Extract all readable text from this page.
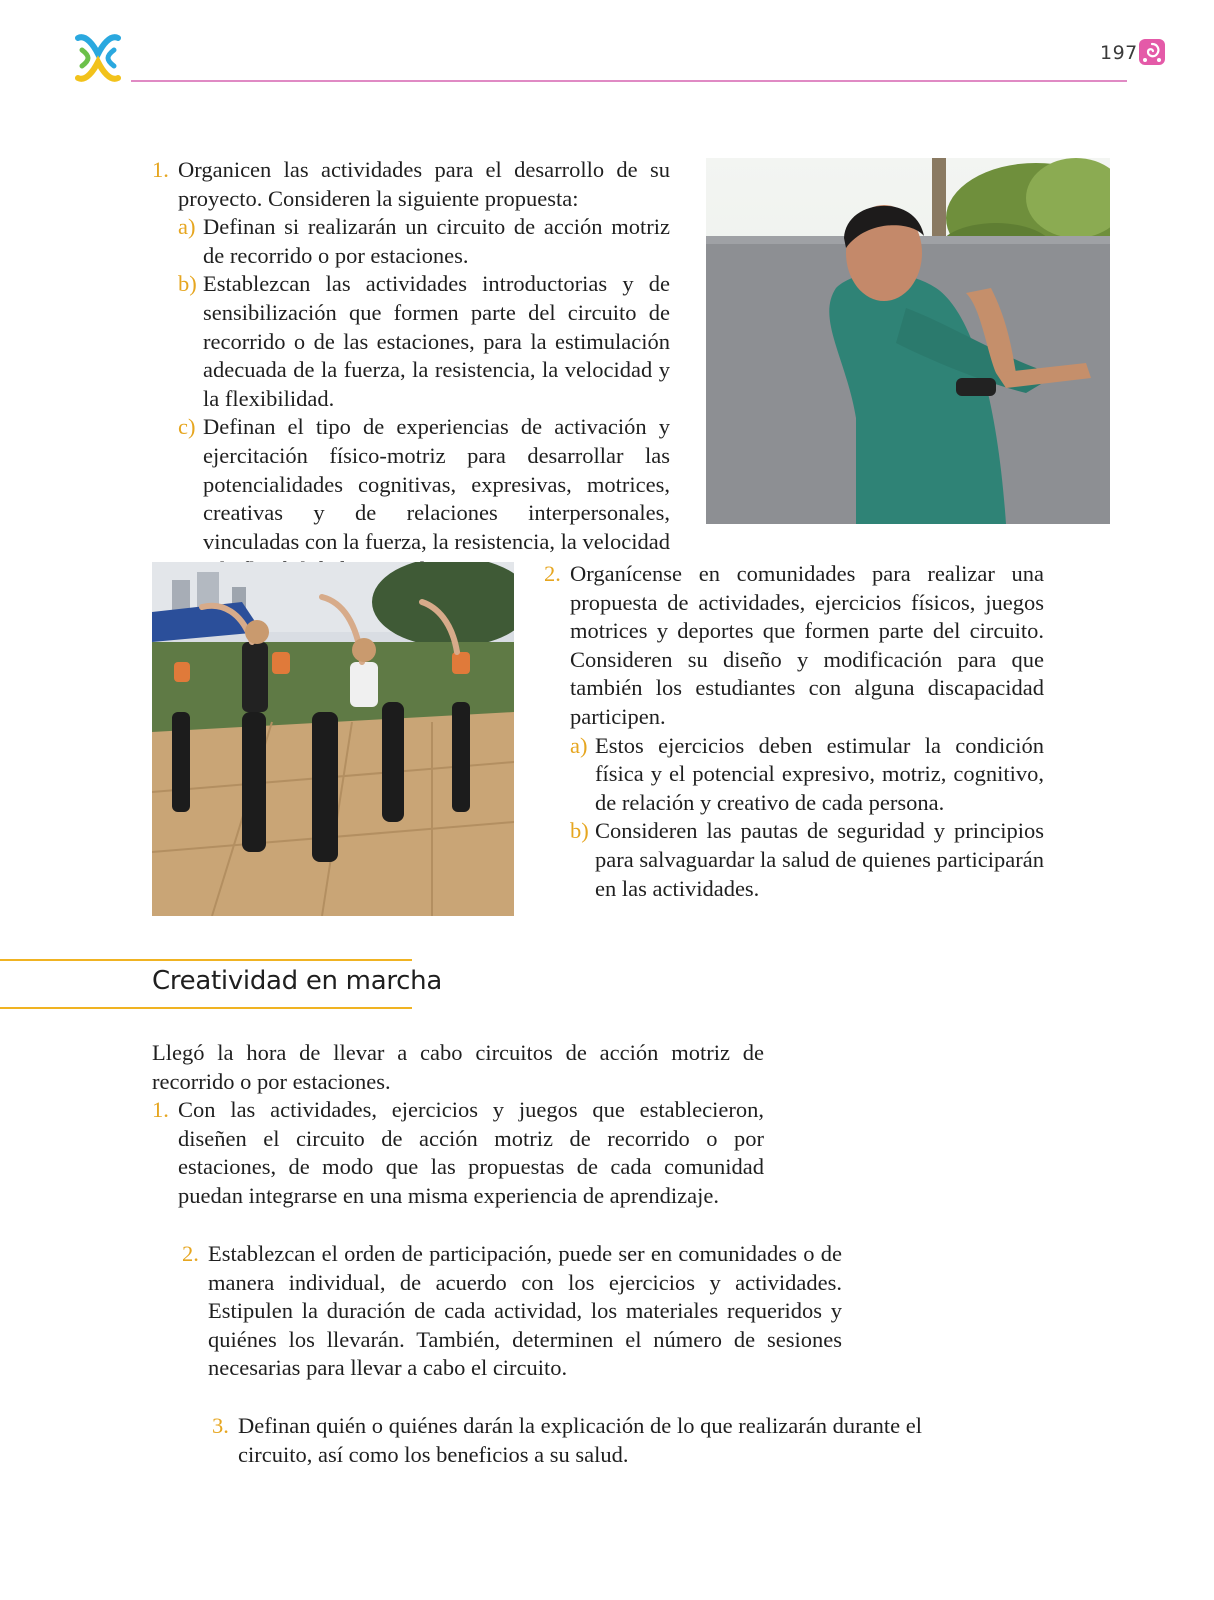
197
1. Organicen las actividades para el desarrollo de su proyecto. Consideren la siguiente propuesta:
a) Definan si realizarán un circuito de acción motriz de recorrido o por estaciones.
b) Establezcan las actividades introductorias y de sensibilización que formen parte del circuito de recorrido o de las estaciones, para la estimulación adecuada de la fuerza, la resistencia, la velocidad y la flexibilidad.
c) Definan el tipo de experiencias de activación y ejercitación físico-motriz para desarrollar las potencialidades cognitivas, expresivas, motrices, creativas y de relaciones interpersonales, vinculadas con la fuerza, la resistencia, la velocidad
2. Organícense en comunidades para realizar una propuesta de actividades, ejercicios físicos, juegos motrices y deportes que formen parte del circuito. Consideren su diseño y modificación para que también los estudiantes con alguna discapacidad participen.
a) Estos ejercicios deben estimular la condición física y el potencial expresivo, motriz, cognitivo, de relación y creativo de cada persona.
b) Consideren las pautas de seguridad y principios para salvaguardar la salud de quienes participarán en las actividades.
Creatividad en marcha
Llegó la hora de llevar a cabo circuitos de acción motriz de recorrido o por estaciones.
1. Con las actividades, ejercicios y juegos que establecieron, diseñen el circuito de acción motriz de recorrido o por estaciones, de modo que las propuestas de cada comunidad puedan integrarse en una misma experiencia de aprendizaje.
2. Establezcan el orden de participación, puede ser en comunidades o de manera individual, de acuerdo con los ejercicios y actividades. Estipulen la duración de cada actividad, los materiales requeridos y quiénes los llevarán. También, determinen el número de sesiones necesarias para llevar a cabo el circuito.
3. Definan quién o quiénes darán la explicación de lo que realizarán durante el circuito, así como los beneficios a su salud.
